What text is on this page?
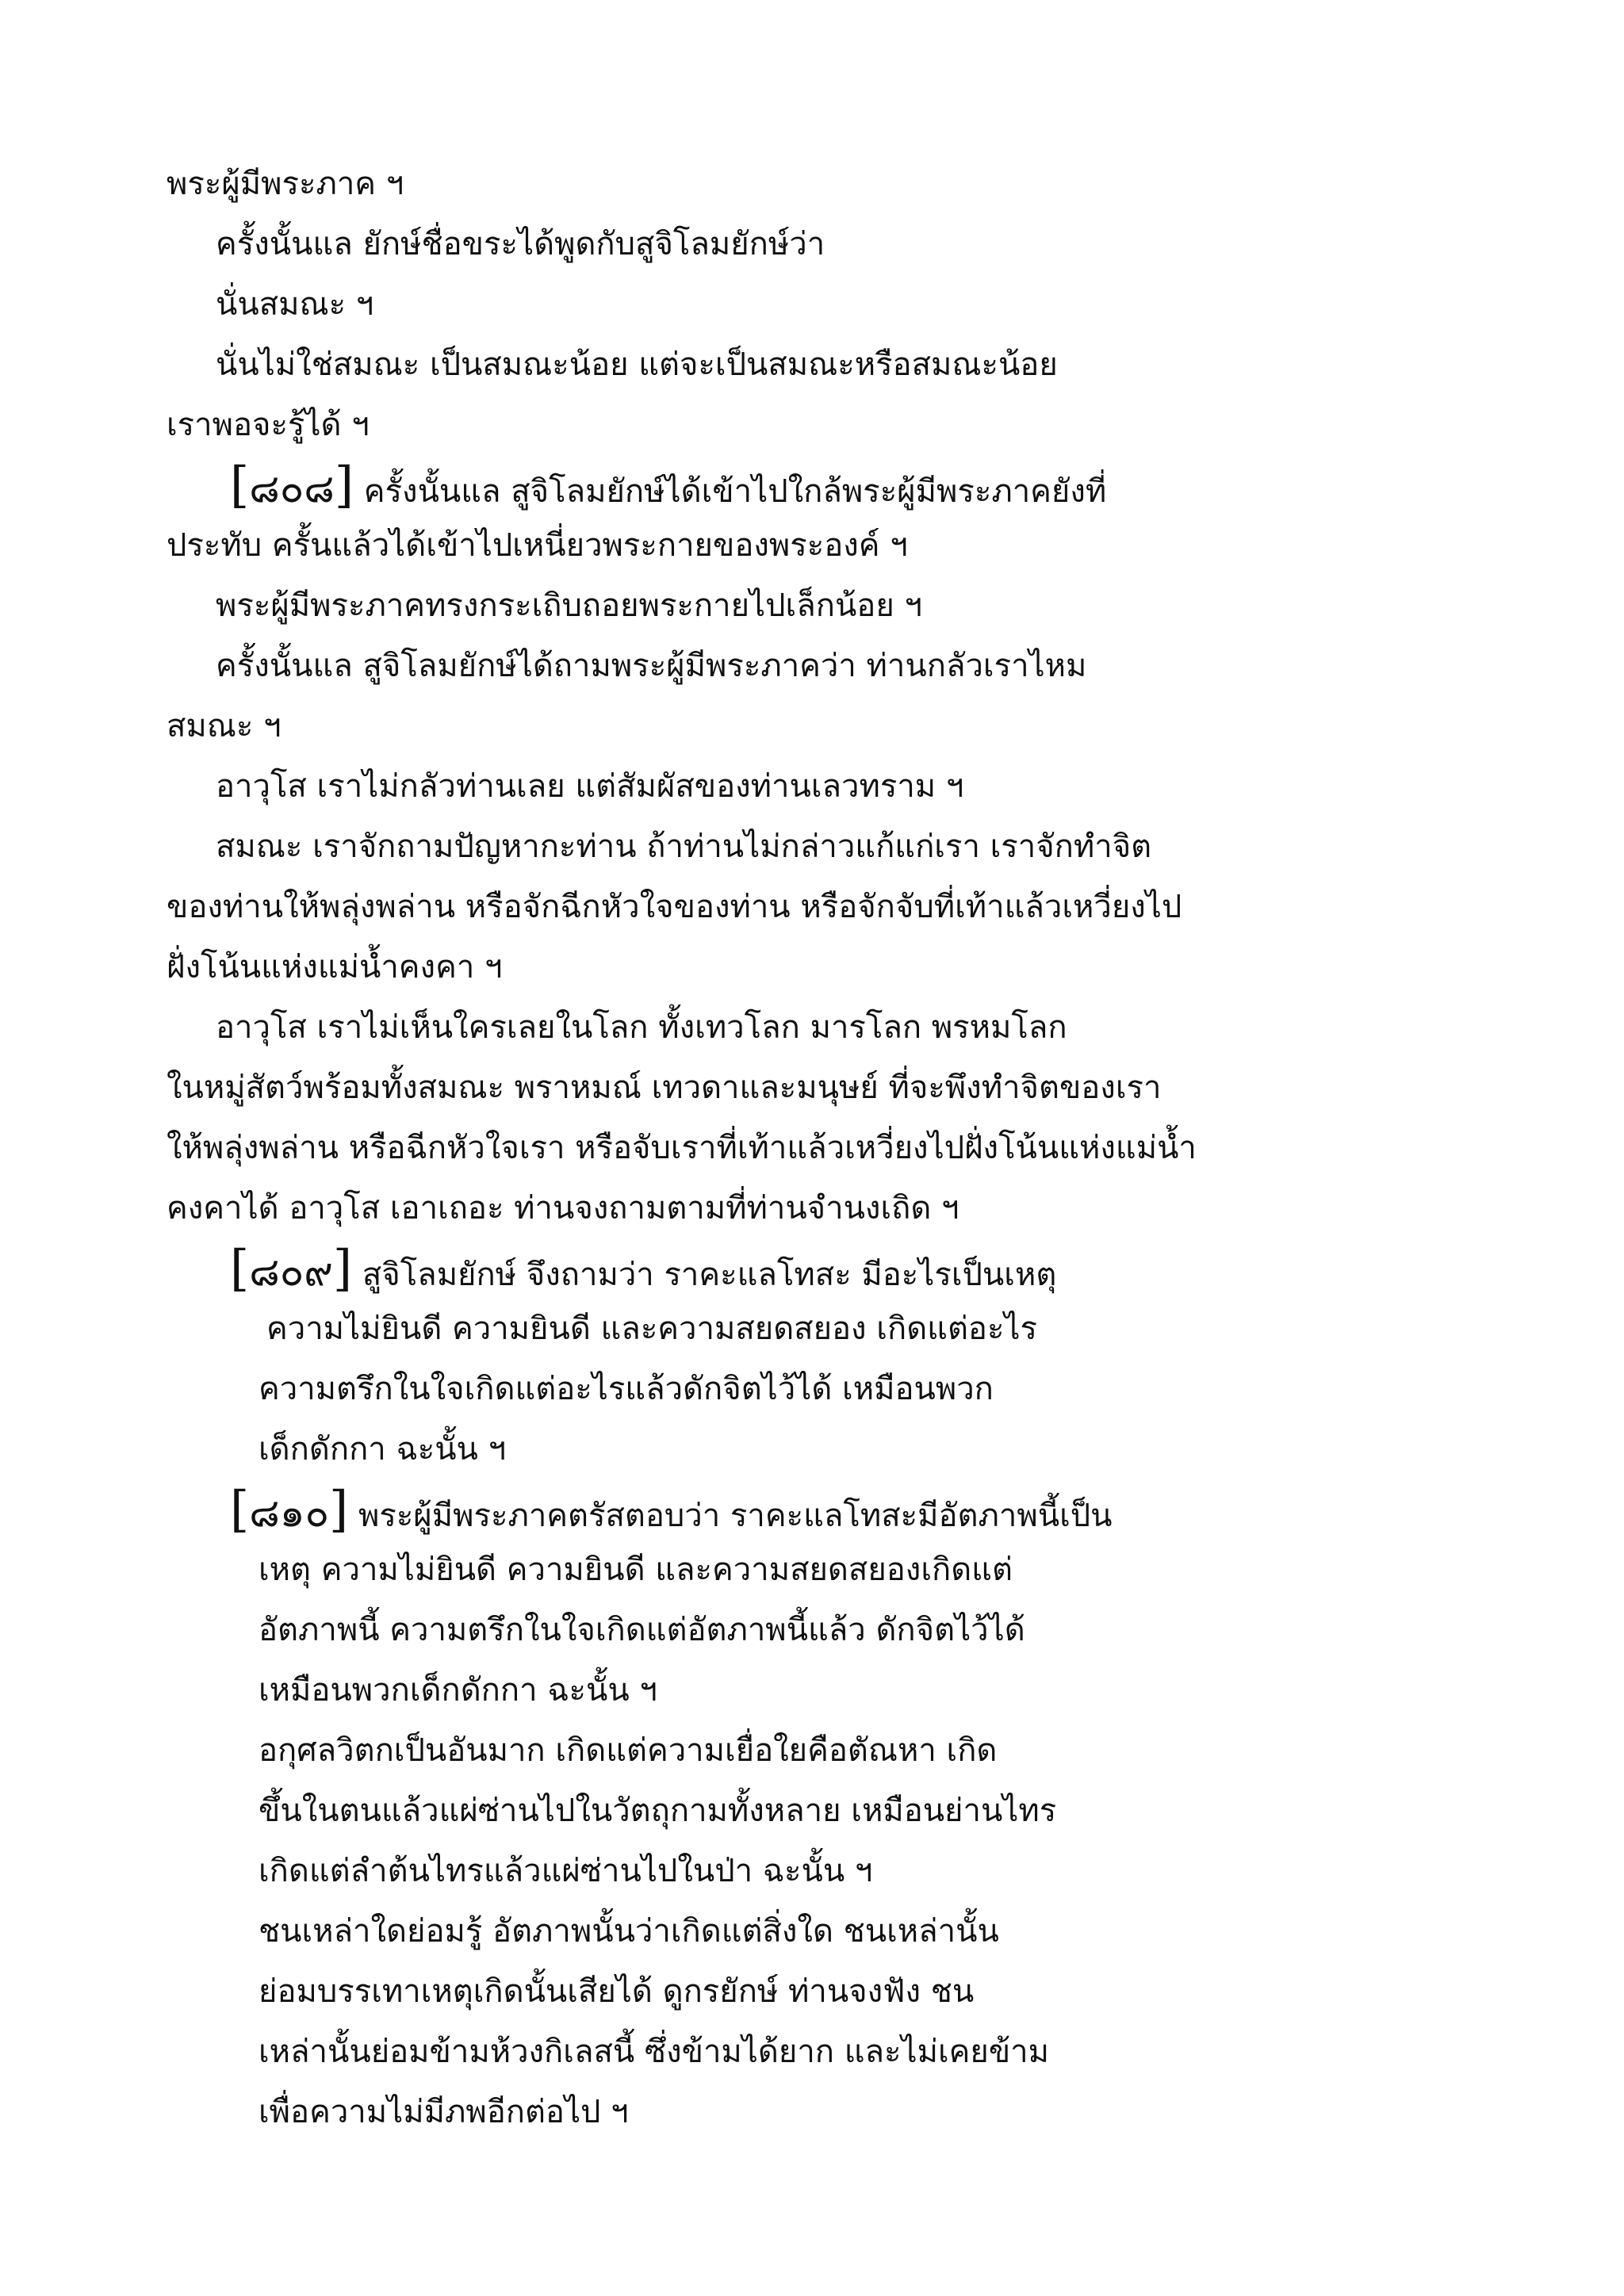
พระผู้มีพระภาค ฯ
ครั้งนั้นแล ยักษ์ชื่อขระได้พูดกับสูจิโลมยักษ์ว่า
นั่นสมณะ ฯ
นั่นไม่ใช่สมณะ เป็นสมณะน้อย แต่จะเป็นสมณะหรือสมณะน้อย
เราพอจะรู้ได้ ฯ
[๘๐๘] ครั้งนั้นแล สูจิโลมยักษ์ได้เข้าไปใกล้พระผู้มีพระภาคยังที่
ประทับ ครั้นแล้วได้เข้าไปเหนี่ยวพระกายของพระองค์ ฯ
พระผู้มีพระภาคทรงกระเถิบถอยพระกายไปเล็กน้อย ฯ
ครั้งนั้นแล สูจิโลมยักษ์ได้ถามพระผู้มีพระภาคว่า ท่านกลัวเราไหม
สมณะ ฯ
อาวุโส เราไม่กลัวท่านเลย แต่สัมผัสของท่านเลวทราม ฯ
สมณะ เราจักถามปัญหากะท่าน ถ้าท่านไม่กล่าวแก้แก่เรา เราจักทำจิต
ของท่านให้พลุ่งพล่าน หรือจักฉีกหัวใจของท่าน หรือจักจับที่เท้าแล้วเหวี่ยงไป
ฝั่งโน้นแห่งแม่น้ำคงคา ฯ
อาวุโส เราไม่เห็นใครเลยในโลก ทั้งเทวโลก มารโลก พรหมโลก
ในหมู่สัตว์พร้อมทั้งสมณะ พราหมณ์ เทวดาและมนุษย์ ที่จะพึงทำจิตของเรา
ให้พลุ่งพล่าน หรือฉีกหัวใจเรา หรือจับเราที่เท้าแล้วเหวี่ยงไปฝั่งโน้นแห่งแม่น้ำ
คงคาได้ อาวุโส เอาเถอะ ท่านจงถามตามที่ท่านจำนงเถิด ฯ
[๘๐๙] สูจิโลมยักษ์ จึงถามว่า ราคะแลโทสะ มีอะไรเป็นเหตุ
ความไม่ยินดี ความยินดี และความสยดสยอง เกิดแต่อะไร
ความตรึกในใจเกิดแต่อะไรแล้วดักจิตไว้ได้ เหมือนพวก
เด็กดักกา ฉะนั้น ฯ
[๘๑๐] พระผู้มีพระภาคตรัสตอบว่า ราคะแลโทสะมีอัตภาพนี้เป็น
เหตุ ความไม่ยินดี ความยินดี และความสยดสยองเกิดแต่
อัตภาพนี้ ความตรึกในใจเกิดแต่อัตภาพนี้แล้ว ดักจิตไว้ได้
เหมือนพวกเด็กดักกา ฉะนั้น ฯ
อกุศลวิตกเป็นอันมาก เกิดแต่ความเยื่อใยคือตัณหา เกิด
ขึ้นในตนแล้วแผ่ซ่านไปในวัตถุกามทั้งหลาย เหมือนย่านไทร
เกิดแต่ลำต้นไทรแล้วแผ่ซ่านไปในป่า ฉะนั้น ฯ
ชนเหล่าใดย่อมรู้ อัตภาพนั้นว่าเกิดแต่สิ่งใด ชนเหล่านั้น
ย่อมบรรเทาเหตุเกิดนั้นเสียได้ ดูกรยักษ์ ท่านจงฟัง ชน
เหล่านั้นย่อมข้ามห้วงกิเลสนี้ ซึ่งข้ามได้ยาก และไม่เคยข้าม
เพื่อความไม่มีภพอีกต่อไป ฯ
